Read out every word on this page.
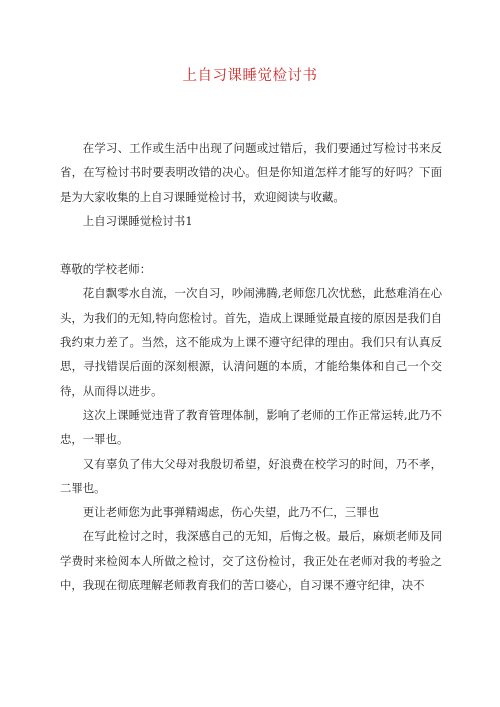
上自习课睡觉检讨书

在学习、工作或生活中出现了问题或过错后，我们要通过写检讨书来反省，在写检讨书时要表明改错的决心。但是你知道怎样才能写的好吗？下面是为大家收集的上自习课睡觉检讨书，欢迎阅读与收藏。

上自习课睡觉检讨书1

尊敬的学校老师：

花自飘零水自流，一次自习，吵闹沸腾,老师您几次忧愁，此愁难消在心头，为我们的无知,特向您检讨。首先，造成上课睡觉最直接的原因是我们自我约束力差了。当然，这不能成为上课不遵守纪律的理由。我们只有认真反思，寻找错误后面的深刻根源，认清问题的本质，才能给集体和自己一个交待，从而得以进步。

这次上课睡觉违背了教育管理体制，影响了老师的工作正常运转,此乃不忠，一罪也。

又有辜负了伟大父母对我殷切希望，好浪费在校学习的时间，乃不孝，二罪也。

更让老师您为此事弹精竭虑，伤心失望，此乃不仁，三罪也

在写此检讨之时，我深感自己的无知，后悔之极。最后，麻烦老师及同学费时来检阅本人所做之检讨，交了这份检讨，我正处在老师对我的考验之中，我现在彻底理解老师教育我们的苦口婆心，自习课不遵守纪律，决不
